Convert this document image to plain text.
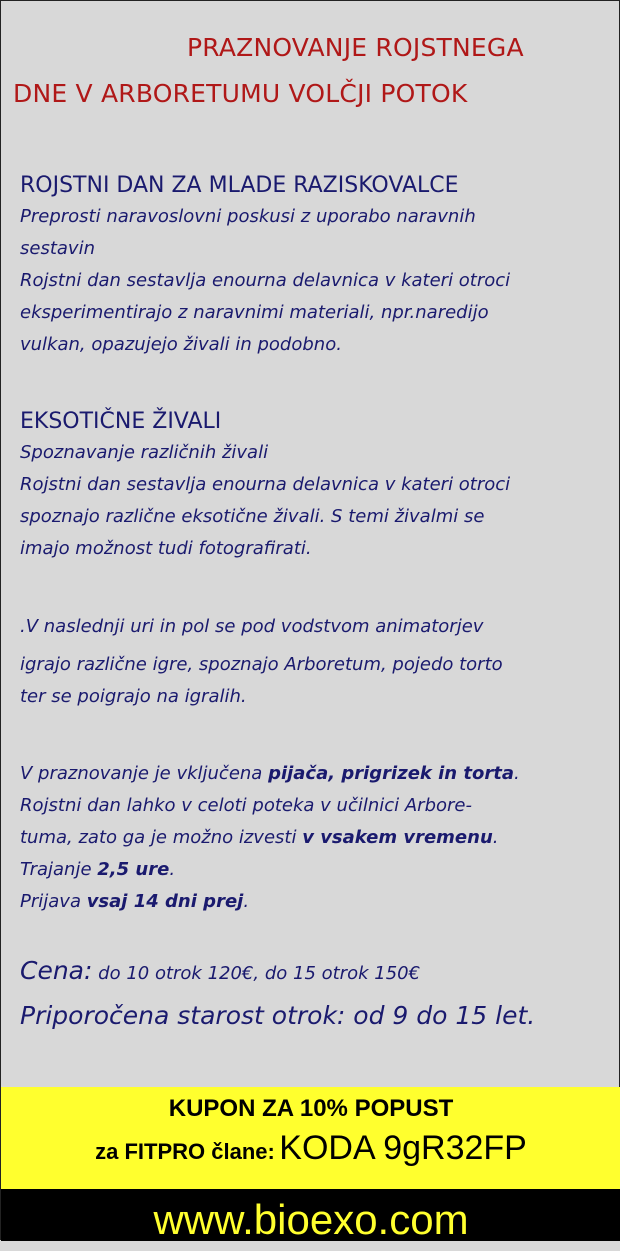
PRAZNOVANJE ROJSTNEGA
DNE V ARBORETUMU VOLČJI POTOK
ROJSTNI DAN ZA MLADE RAZISKOVALCE
Preprosti naravoslovni poskusi z uporabo naravnih
sestavin
Rojstni dan sestavlja enourna delavnica v kateri otroci
eksperimentirajo z naravnimi materiali, npr.naredijo
vulkan, opazujejo živali in podobno.
EKSOTIČNE ŽIVALI
Spoznavanje različnih živali
Rojstni dan sestavlja enourna delavnica v kateri otroci
spoznajo različne eksotične živali. S temi živalmi se
imajo možnost tudi fotografirati.
.V naslednji uri in pol se pod vodstvom animatorjev
igrajo različne igre, spoznajo Arboretum, pojedo torto
ter se poigrajo na igralih.
V praznovanje je vključena pijača, prigrizek in torta.
Rojstni dan lahko v celoti poteka v učilnici Arbore-
tuma, zato ga je možno izvesti v vsakem vremenu.
Trajanje 2,5 ure.
Prijava vsaj 14 dni prej.
Cena: do 10 otrok 120€, do 15 otrok 150€
Priporočena starost otrok: od 9 do 15 let.
KUPON ZA 10% POPUST
za FITPRO člane: KODA 9gR32FP
www.bioexo.com
